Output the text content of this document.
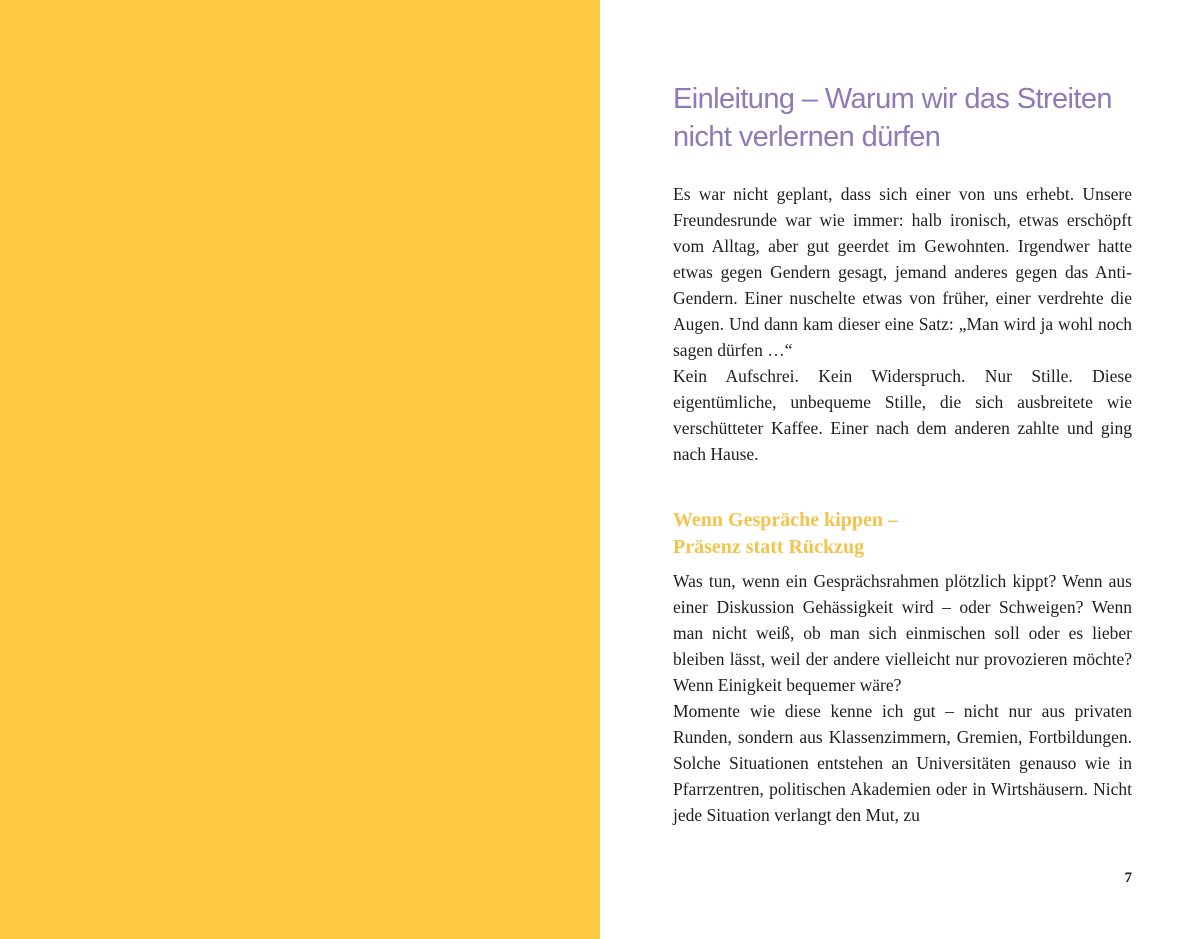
Einleitung – Warum wir das Streiten
nicht verlernen dürfen

Es war nicht geplant, dass sich einer von uns erhebt. Unsere Freundesrunde war wie immer: halb ironisch, etwas erschöpft vom Alltag, aber gut geerdet im Gewohnten. Irgendwer hatte etwas gegen Gendern gesagt, jemand anderes gegen das Anti-Gendern. Einer nuschelte etwas von früher, einer verdrehte die Augen. Und dann kam dieser eine Satz: „Man wird ja wohl noch sagen dürfen …“

Kein Aufschrei. Kein Widerspruch. Nur Stille. Diese eigentümliche, unbequeme Stille, die sich ausbreitete wie verschütteter Kaffee. Einer nach dem anderen zahlte und ging nach Hause.

Wenn Gespräche kippen –
Präsenz statt Rückzug

Was tun, wenn ein Gesprächsrahmen plötzlich kippt? Wenn aus einer Diskussion Gehässigkeit wird – oder Schweigen? Wenn man nicht weiß, ob man sich einmischen soll oder es lieber bleiben lässt, weil der andere vielleicht nur provozieren möchte? Wenn Einigkeit bequemer wäre?

Momente wie diese kenne ich gut – nicht nur aus privaten Runden, sondern aus Klassenzimmern, Gremien, Fortbildungen. Solche Situationen entstehen an Universitäten genauso wie in Pfarrzentren, politischen Akademien oder in Wirtshäusern. Nicht jede Situation verlangt den Mut, zu

7
